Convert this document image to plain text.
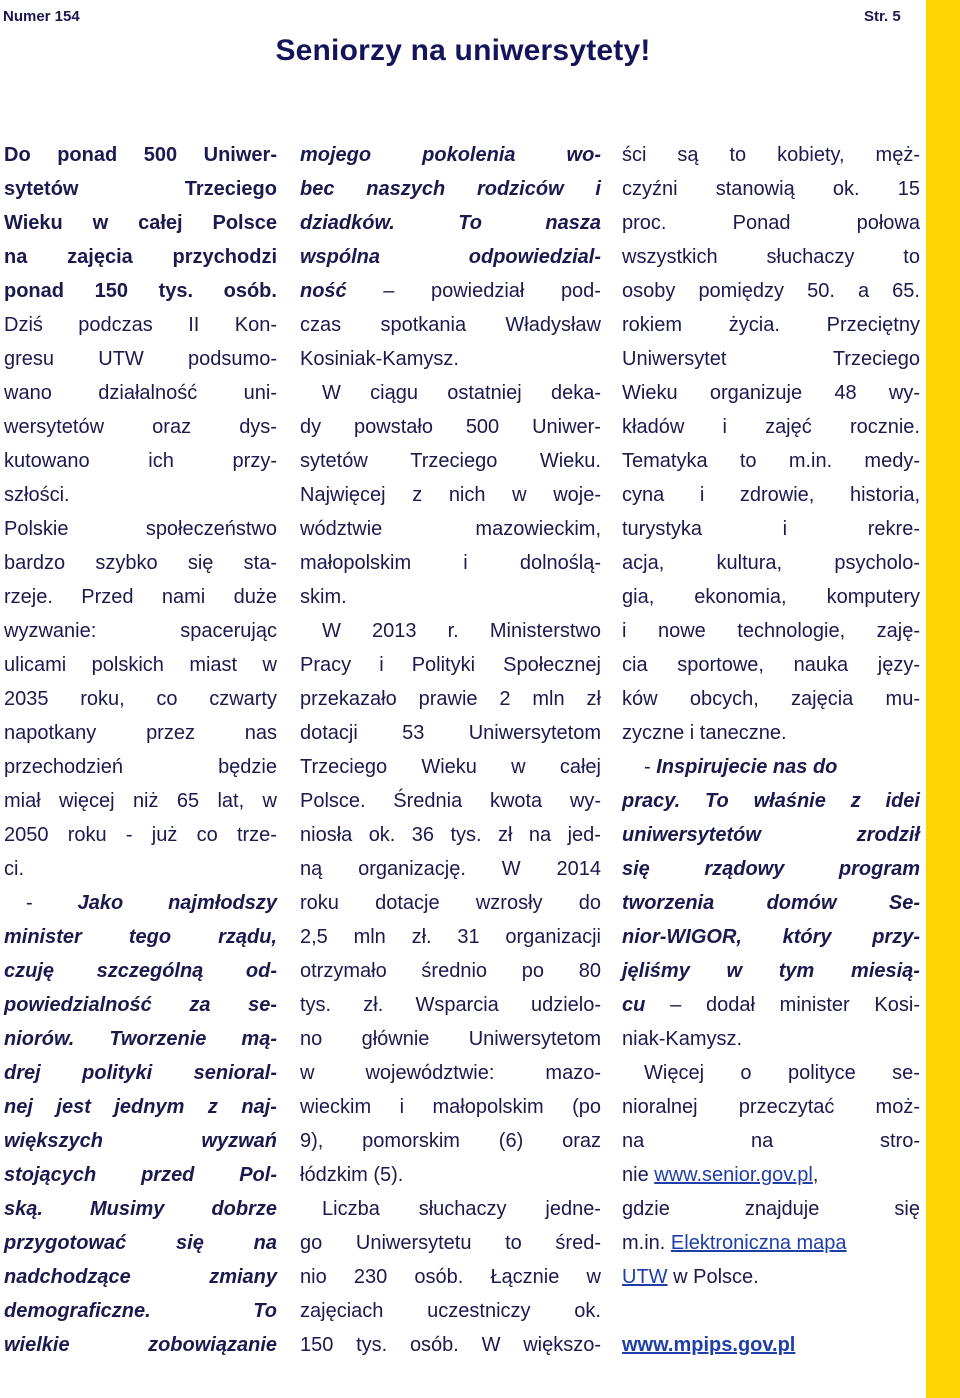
Numer 154	Str. 5
Seniorzy na uniwersytety!
Do ponad 500 Uniwer-
sytetów	Trzeciego
Wieku w całej Polsce
na zajęcia przychodzi
ponad 150 tys. osób.
Dziś podczas II Kon-
gresu UTW podsumo-
wano działalność uni-
wersytetów oraz dys-
kutowano	ich	przy-
szłości.
Polskie	społeczeństwo
bardzo szybko się sta-
rzeje. Przed nami duże
wyzwanie:	spacerując
ulicami polskich miast w
2035 roku, co czwarty
napotkany przez nas
przechodzień	będzie
miał więcej niż 65 lat, w
2050 roku - już co trze-
ci.
- Jako najmłodszy
minister tego rządu,
czuję szczególną od-
powiedzialność za se-
niorów. Tworzenie mą-
drej polityki senioral-
nej jest jednym z naj-
większych	wyzwań
stojących przed Pol-
ską. Musimy dobrze
przygotować się na
nadchodzące	zmiany
demograficzne.	To
wielkie	zobowiązanie
mojego	pokolenia	wo-
bec naszych rodziców i
dziadków.	To	nasza
wspólna	odpowiedzial-
ność – powiedział pod-
czas spotkania Władysław
Kosiniak-Kamysz.
W ciągu ostatniej deka-
dy powstało 500 Uniwer-
sytetów Trzeciego Wieku.
Najwięcej z nich w woje-
wództwie	mazowieckim,
małopolskim	i	dolnoślą-
skim.
W 2013 r. Ministerstwo
Pracy i Polityki Społecznej
przekazało prawie 2 mln zł
dotacji 53 Uniwersytetom
Trzeciego Wieku w całej
Polsce. Średnia kwota wy-
niosła ok. 36 tys. zł na jed-
ną organizację. W 2014
roku dotacje wzrosły do
2,5 mln zł. 31 organizacji
otrzymało średnio po 80
tys. zł. Wsparcia udzielo-
no głównie Uniwersytetom
w	województwie:	mazo-
wieckim i małopolskim (po
9), pomorskim (6) oraz
łódzkim (5).
Liczba słuchaczy jedne-
go Uniwersytetu to śred-
nio 230 osób. Łącznie w
zajęciach uczestniczy ok.
150 tys. osób. W większo-
ści są to kobiety, męż-
czyźni stanowią ok. 15
proc.	Ponad	połowa
wszystkich słuchaczy to
osoby pomiędzy 50. a 65.
rokiem życia. Przeciętny
Uniwersytet	Trzeciego
Wieku organizuje 48 wy-
kładów i zajęć rocznie.
Tematyka to m.in. medy-
cyna i zdrowie, historia,
turystyka	i	rekre-
acja,	kultura,	psycholo-
gia, ekonomia, komputery
i nowe technologie, zaję-
cia sportowe, nauka języ-
ków obcych, zajęcia mu-
zyczne i taneczne.
- Inspirujecie nas do
pracy. To właśnie z idei
uniwersytetów	zrodził
się	rządowy	program
tworzenia	domów	Se-
nior-WIGOR, który przy-
jęliśmy w tym miesią-
cu – dodał minister Kosi-
niak-Kamysz.
Więcej o polityce se-
nioralnej przeczytać moż-
na	na	stro-
nie www.senior.gov.pl,
gdzie	znajduje	się
m.in. Elektroniczna mapa
UTW w Polsce.
www.mpips.gov.pl
